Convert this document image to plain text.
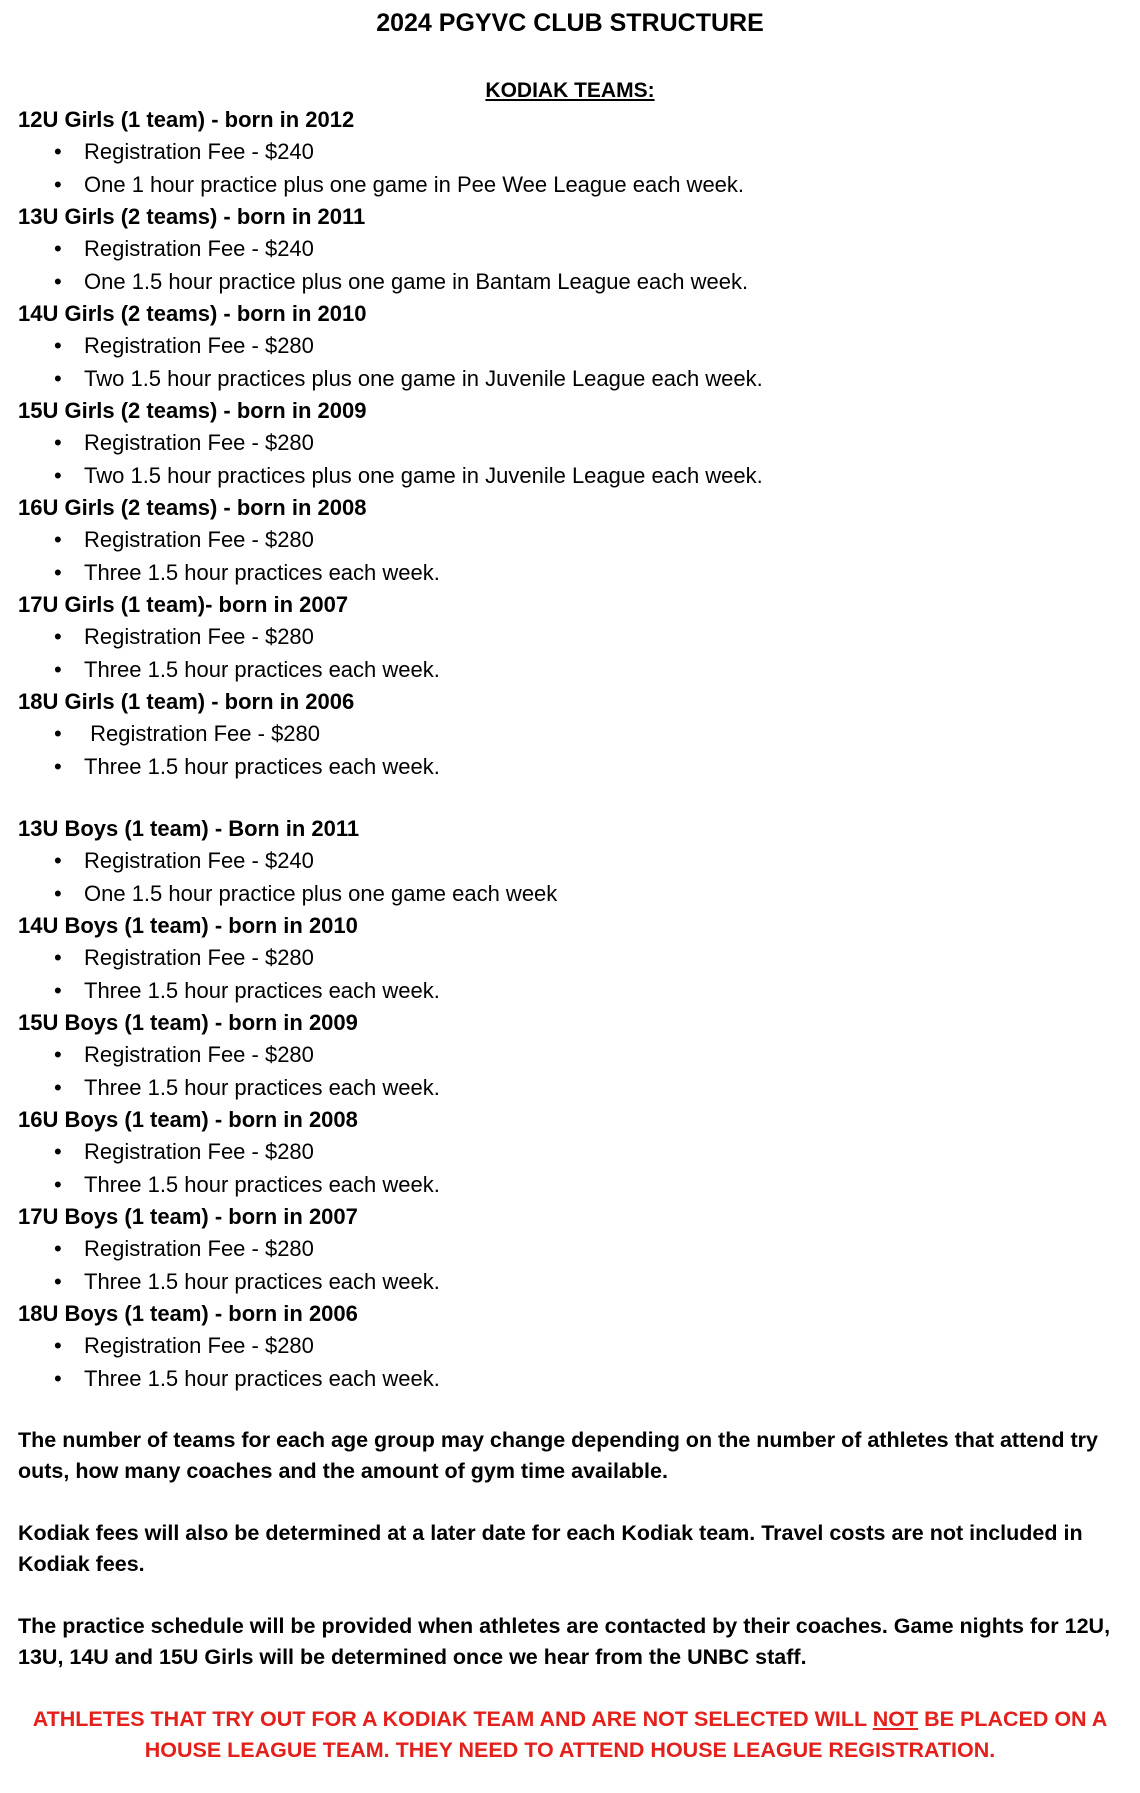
2024 PGYVC CLUB STRUCTURE
KODIAK TEAMS:
12U Girls (1 team) - born in 2012
• Registration Fee - $240
• One 1 hour practice plus one game in Pee Wee League each week.
13U Girls (2 teams) - born in 2011
• Registration Fee - $240
• One 1.5 hour practice plus one game in Bantam League each week.
14U Girls (2 teams) - born in 2010
• Registration Fee - $280
• Two 1.5 hour practices plus one game in Juvenile League each week.
15U Girls (2 teams) - born in 2009
• Registration Fee - $280
• Two 1.5 hour practices plus one game in Juvenile League each week.
16U Girls (2 teams) - born in 2008
• Registration Fee - $280
• Three 1.5 hour practices each week.
17U Girls (1 team)- born in 2007
• Registration Fee - $280
• Three 1.5 hour practices each week.
18U Girls (1 team) - born in 2006
•  Registration Fee - $280
• Three 1.5 hour practices each week.
13U Boys (1 team) - Born in 2011
• Registration Fee - $240
• One 1.5 hour practice plus one game each week
14U Boys (1 team) - born in 2010
• Registration Fee - $280
• Three 1.5 hour practices each week.
15U Boys (1 team) - born in 2009
• Registration Fee - $280
• Three 1.5 hour practices each week.
16U Boys (1 team) - born in 2008
• Registration Fee - $280
• Three 1.5 hour practices each week.
17U Boys (1 team) - born in 2007
• Registration Fee - $280
• Three 1.5 hour practices each week.
18U Boys (1 team) - born in 2006
• Registration Fee - $280
• Three 1.5 hour practices each week.

The number of teams for each age group may change depending on the number of athletes that attend try outs, how many coaches and the amount of gym time available.

Kodiak fees will also be determined at a later date for each Kodiak team. Travel costs are not included in Kodiak fees.

The practice schedule will be provided when athletes are contacted by their coaches. Game nights for 12U, 13U, 14U and 15U Girls will be determined once we hear from the UNBC staff.

ATHLETES THAT TRY OUT FOR A KODIAK TEAM AND ARE NOT SELECTED WILL NOT BE PLACED ON A HOUSE LEAGUE TEAM. THEY NEED TO ATTEND HOUSE LEAGUE REGISTRATION.
